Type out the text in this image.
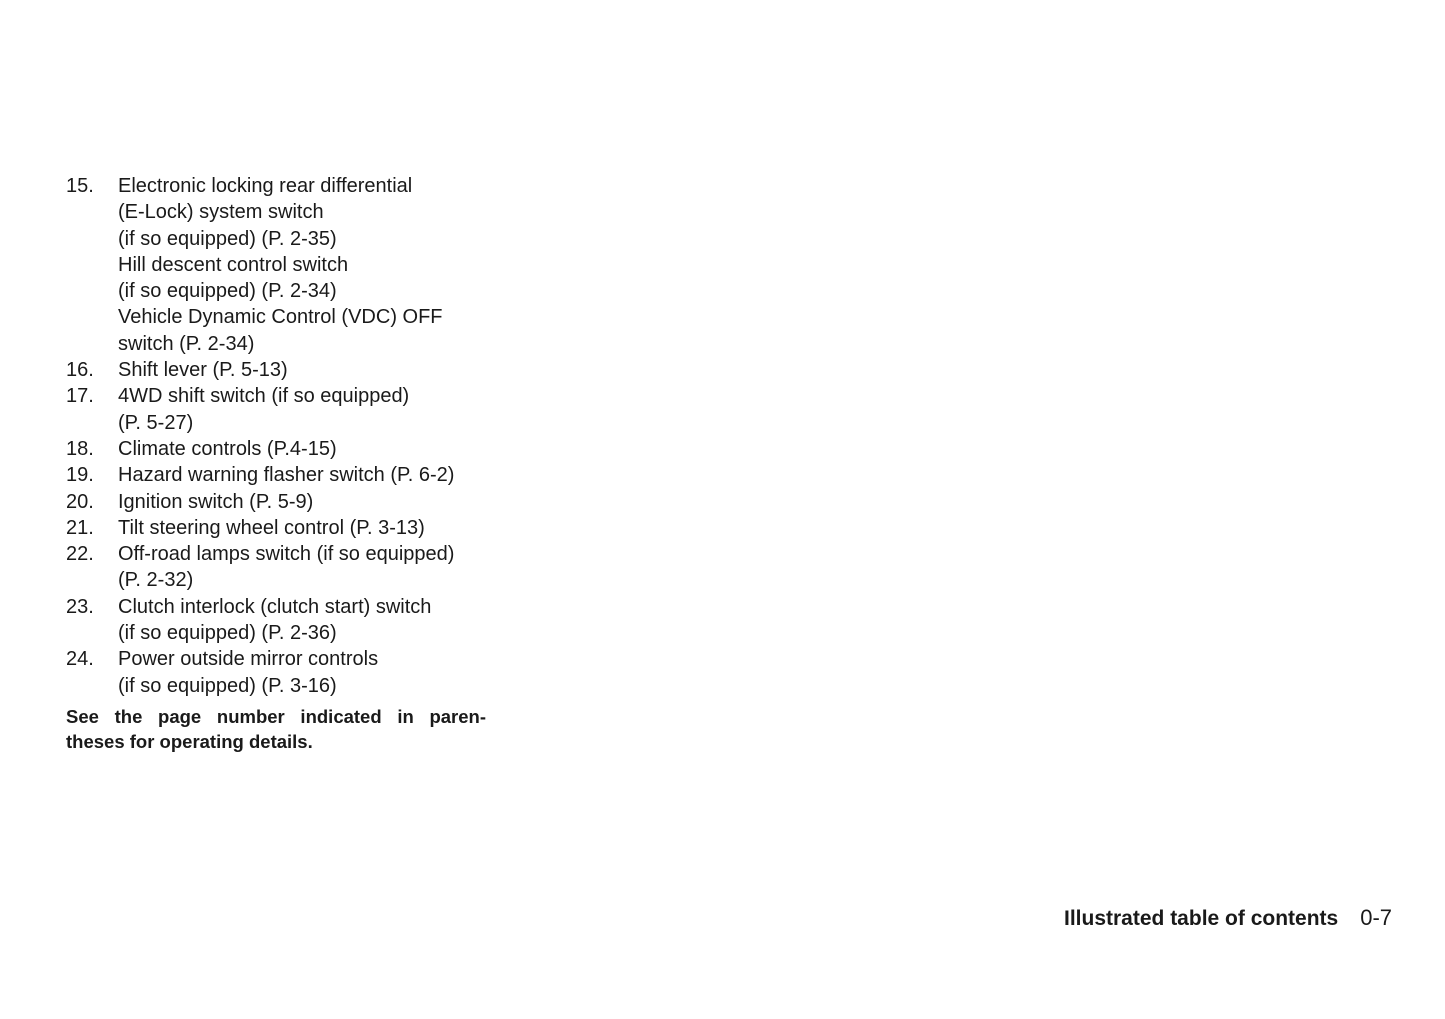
15.	Electronic locking rear differential
(E-Lock) system switch
(if so equipped) (P. 2-35)
Hill descent control switch
(if so equipped) (P. 2-34)
Vehicle Dynamic Control (VDC) OFF
switch (P. 2-34)
16.	Shift lever (P. 5-13)
17.	4WD shift switch (if so equipped)
(P. 5-27)
18.	Climate controls (P.4-15)
19.	Hazard warning flasher switch (P. 6-2)
20.	Ignition switch (P. 5-9)
21.	Tilt steering wheel control (P. 3-13)
22.	Off-road lamps switch (if so equipped)
(P. 2-32)
23.	Clutch interlock (clutch start) switch
(if so equipped) (P. 2-36)
24.	Power outside mirror controls
(if so equipped) (P. 3-16)

See the page number indicated in paren-
theses for operating details.

Illustrated table of contents 0-7
